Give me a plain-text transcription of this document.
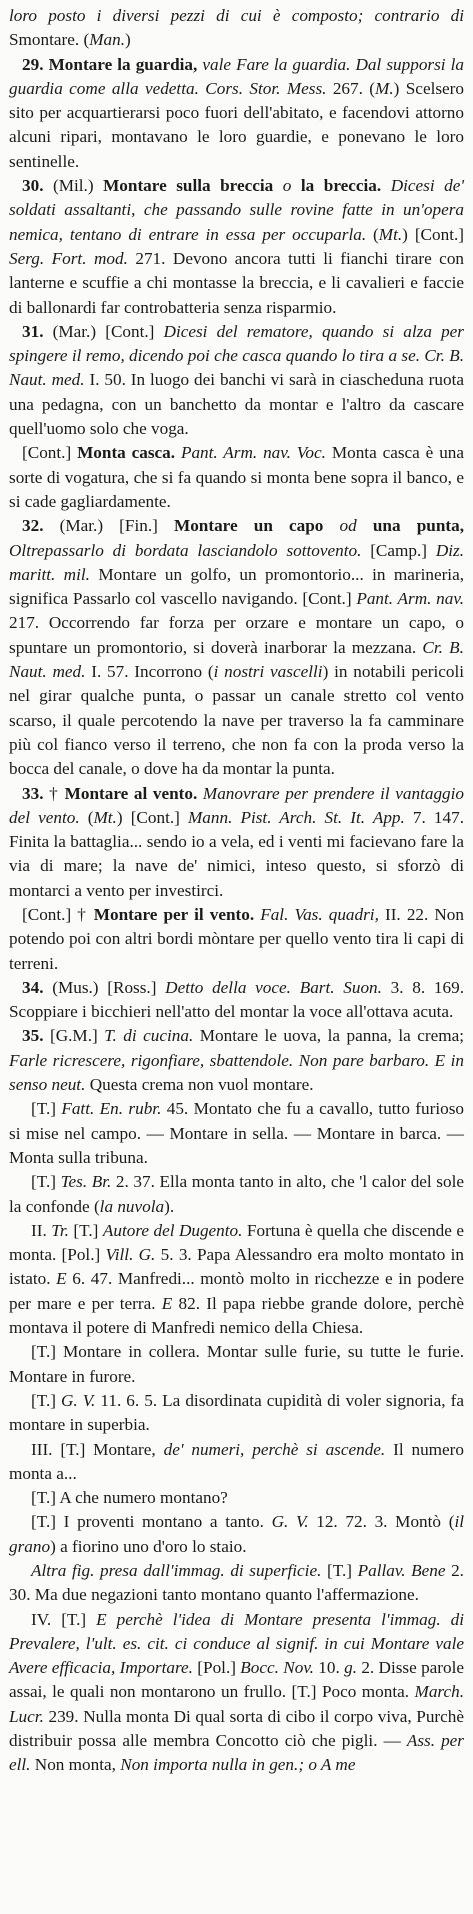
loro posto i diversi pezzi di cui è composto; contrario di Smontare. (Man.)

29. Montare la guardia, vale Fare la guardia. Dal supporsi la guardia come alla vedetta. Cors. Stor. Mess. 267. (M.) Scelsero sito per acquartierarsi poco fuori dell'abitato, e facendovi attorno alcuni ripari, montavano le loro guardie, e ponevano le loro sentinelle.

30. (Mil.) Montare sulla breccia o la breccia. Dicesi de' soldati assaltanti, che passando sulle rovine fatte in un'opera nemica, tentano di entrare in essa per occuparla. (Mt.) [Cont.] Serg. Fort. mod. 271. Devono ancora tutti li fianchi tirare con lanterne e scuffie a chi montasse la breccia, e li cavalieri e faccie di ballonardi far controbatteria senza risparmio.

31. (Mar.) [Cont.] Dicesi del rematore, quando si alza per spingere il remo, dicendo poi che casca quando lo tira a se. Cr. B. Naut. med. I. 50. In luogo dei banchi vi sarà in ciascheduna ruota una pedagna, con un banchetto da montar e l'altro da cascare quell'uomo solo che voga.

[Cont.] Monta casca. Pant. Arm. nav. Voc. Monta casca è una sorte di vogatura, che si fa quando si monta bene sopra il banco, e si cade gagliardamente.

32. (Mar.) [Fin.] Montare un capo od una punta, Oltrepassarlo di bordata lasciandolo sottovento. [Camp.] Diz. maritt. mil. Montare un golfo, un promontorio... in marineria, significa Passarlo col vascello navigando. [Cont.] Pant. Arm. nav. 217. Occorrendo far forza per orzare e montare un capo, o spuntare un promontorio, si doverà inarborar la mezzana. Cr. B. Naut. med. I. 57. Incorrono (i nostri vascelli) in notabili pericoli nel girar qualche punta, o passar un canale stretto col vento scarso, il quale percotendo la nave per traverso la fa camminare più col fianco verso il terreno, che non fa con la proda verso la bocca del canale, o dove ha da montar la punta.

33. † Montare al vento. Manovrare per prendere il vantaggio del vento. (Mt.) [Cont.] Mann. Pist. Arch. St. It. App. 7. 147. Finita la battaglia... sendo io a vela, ed i venti mi facievano fare la via di mare; la nave de' nimici, inteso questo, si sforzò di montarci a vento per investirci.

[Cont.] † Montare per il vento. Fal. Vas. quadri, II. 22. Non potendo poi con altri bordi mòntare per quello vento tira li capi di terreni.

34. (Mus.) [Ross.] Detto della voce. Bart. Suon. 3. 8. 169. Scoppiare i bicchieri nell'atto del montar la voce all'ottava acuta.

35. [G.M.] T. di cucina. Montare le uova, la panna, la crema; Farle ricrescere, rigonfiare, sbattendole. Non pare barbaro. E in senso neut. Questa crema non vuol montare.

[T.] Fatt. En. rubr. 45. Montato che fu a cavallo, tutto furioso si mise nel campo. — Montare in sella. — Montare in barca. — Monta sulla tribuna.

[T.] Tes. Br. 2. 37. Ella monta tanto in alto, che 'l calor del sole la confonde (la nuvola).

II. Tr. [T.] Autore del Dugento. Fortuna è quella che discende e monta. [Pol.] Vill. G. 5. 3. Papa Alessandro era molto montato in istato. E 6. 47. Manfredi... montò molto in ricchezze e in podere per mare e per terra. E 82. Il papa riebbe grande dolore, perchè montava il potere di Manfredi nemico della Chiesa.

[T.] Montare in collera. Montar sulle furie, su tutte le furie. Montare in furore.

[T.] G. V. 11. 6. 5. La disordinata cupidità di voler signoria, fa montare in superbia.

III. [T.] Montare, de' numeri, perchè si ascende. Il numero monta a...

[T.] A che numero montano?

[T.] I proventi montano a tanto. G. V. 12. 72. 3. Montò (il grano) a fiorino uno d'oro lo staio.

Altra fig. presa dall'immag. di superficie. [T.] Pallav. Bene 2. 30. Ma due negazioni tanto montano quanto l'affermazione.

IV. [T.] E perchè l'idea di Montare presenta l'immag. di Prevalere, l'ult. es. cit. ci conduce al signif. in cui Montare vale Avere efficacia, Importare. [Pol.] Bocc. Nov. 10. g. 2. Disse parole assai, le quali non montarono un frullo. [T.] Poco monta. March. Lucr. 239. Nulla monta Di qual sorta di cibo il corpo viva, Purchè distribuir possa alle membra Concotto ciò che pigli. — Ass. per ell. Non monta, Non importa nulla in gen.; o A me
